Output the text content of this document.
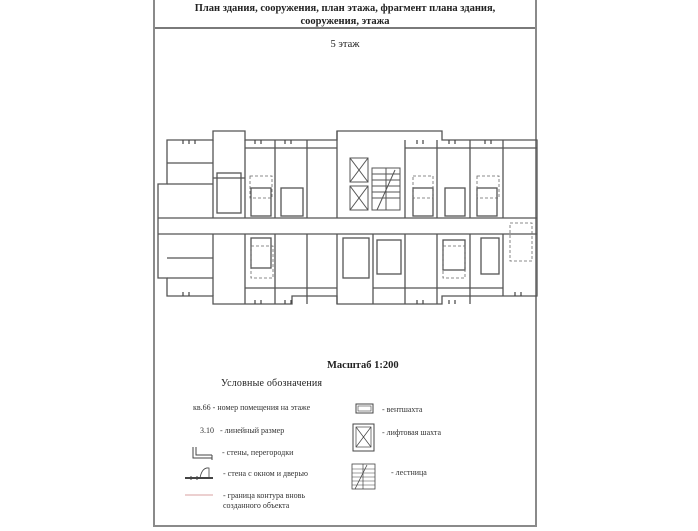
План здания, сооружения, план этажа, фрагмент плана здания,
сооружения, этажа
5 этаж
Масштаб 1:200
Условные обозначения
кв.66 - номер помещения на этаже
3.10 - линейный размер
- стены, перегородки
- стена с окном и дверью
- граница контура вновь
созданного объекта
- вентшахта
- лифтовая шахта
- лестница
